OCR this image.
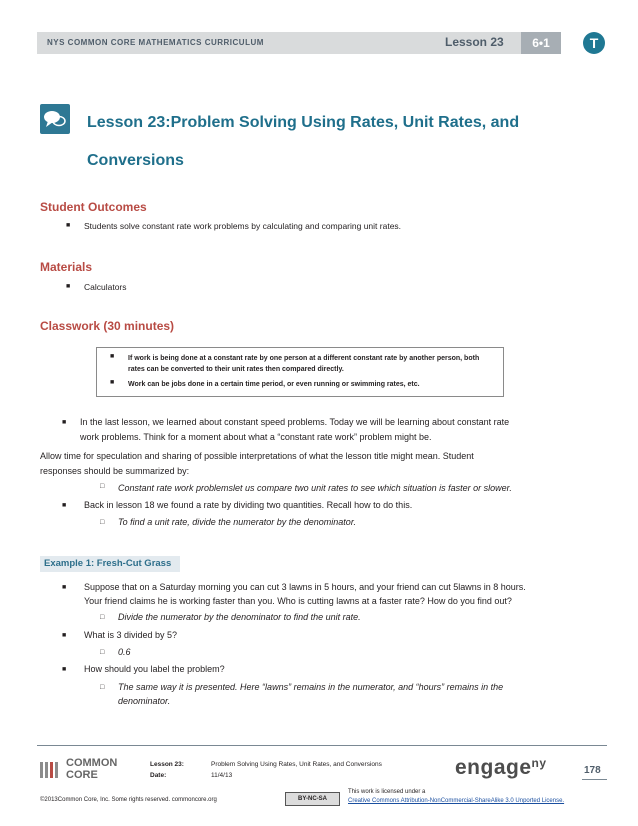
NYS COMMON CORE MATHEMATICS CURRICULUM	Lesson 23	6•1	T
Lesson 23:Problem Solving Using Rates, Unit Rates, and
Conversions
Student Outcomes
■ Students solve constant rate work problems by calculating and comparing unit rates.
Materials
■ Calculators
Classwork (30 minutes)
■ If work is being done at a constant rate by one person at a different constant rate by another person, both
rates can be converted to their unit rates then compared directly.
■ Work can be jobs done in a certain time period, or even running or swimming rates, etc.
■ In the last lesson, we learned about constant speed problems. Today we will be learning about constant rate
work problems. Think for a moment about what a “constant rate work” problem might be.
Allow time for speculation and sharing of possible interpretations of what the lesson title might mean. Student
responses should be summarized by:
□ Constant rate work problemslet us compare two unit rates to see which situation is faster or slower.
■ Back in lesson 18 we found a rate by dividing two quantities. Recall how to do this.
□ To find a unit rate, divide the numerator by the denominator.
Example 1: Fresh-Cut Grass
■ Suppose that on a Saturday morning you can cut 3 lawns in 5 hours, and your friend can cut 5lawns in 8 hours.
Your friend claims he is working faster than you. Who is cutting lawns at a faster rate? How do you find out?
□ Divide the numerator by the denominator to find the unit rate.
■ What is 3 divided by 5?
□ 0.6
■ How should you label the problem?
□ The same way it is presented. Here “lawns” remains in the numerator, and “hours” remains in the
denominator.
COMMON
CORE
Lesson 23:
Date:
Problem Solving Using Rates, Unit Rates, and Conversions
11/4/13	engage$^{ny}$
178
©2013Common Core, Inc. Some rights reserved. commoncore.org	BY-NC-SA
This work is licensed under a
Creative Commons Attribution-NonCommercial-ShareAlike 3.0 Unported License.
